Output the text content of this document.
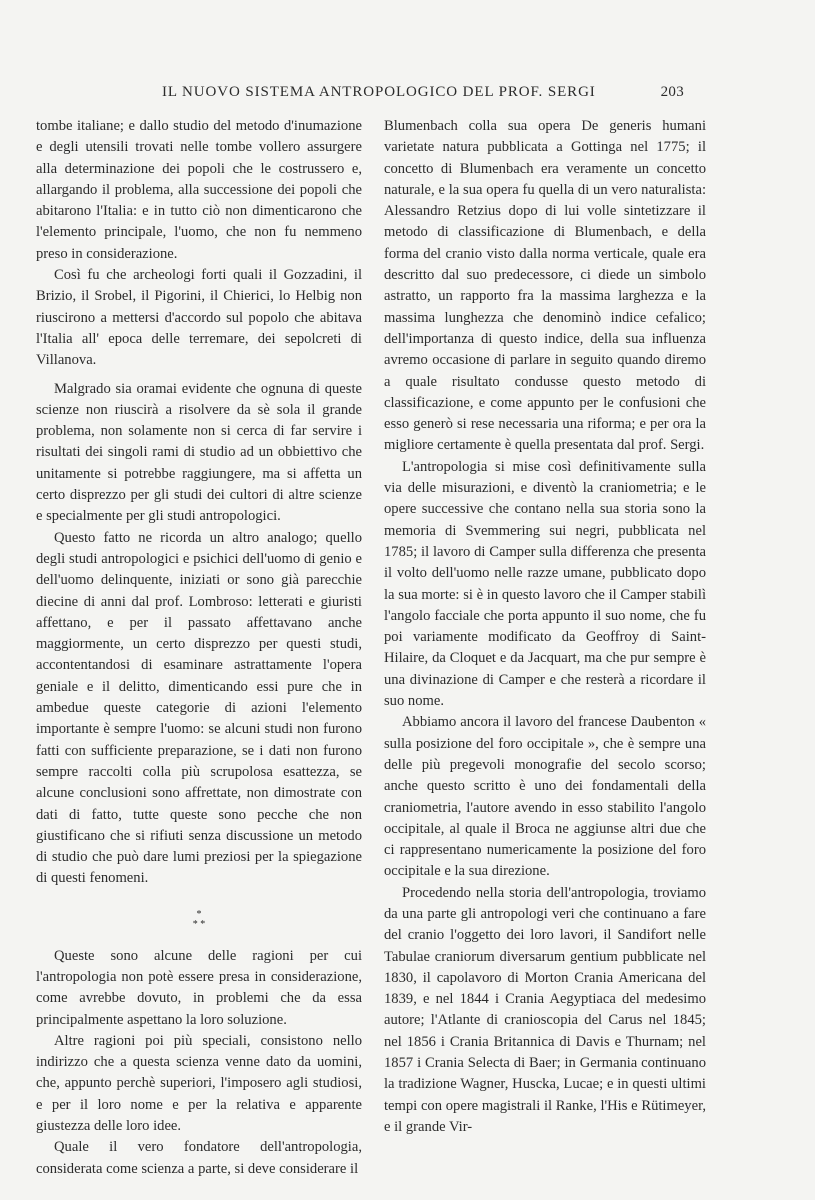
IL NUOVO SISTEMA ANTROPOLOGICO DEL PROF. SERGI	203

tombe italiane; e dallo studio del metodo d'inumazione e degli utensili trovati nelle tombe vollero assurgere alla determinazione dei popoli che le costrussero e, allargando il problema, alla successione dei popoli che abitarono l'Italia: e in tutto ciò non dimenticarono che l'elemento principale, l'uomo, che non fu nemmeno preso in considerazione.

Così fu che archeologi forti quali il Gozzadini, il Brizio, il Srobel, il Pigorini, il Chierici, lo Helbig non riuscirono a mettersi d'accordo sul popolo che abitava l'Italia all' epoca delle terremare, dei sepolcreti di Villanova.

Malgrado sia oramai evidente che ognuna di queste scienze non riuscirà a risolvere da sè sola il grande problema, non solamente non si cerca di far servire i risultati dei singoli rami di studio ad un obbiettivo che unitamente si potrebbe raggiungere, ma si affetta un certo disprezzo per gli studi dei cultori di altre scienze e specialmente per gli studi antropologici.

Questo fatto ne ricorda un altro analogo; quello degli studi antropologici e psichici dell'uomo di genio e dell'uomo delinquente, iniziati or sono già parecchie diecine di anni dal prof. Lombroso: letterati e giuristi affettano, e per il passato affettavano anche maggiormente, un certo disprezzo per questi studi, accontentandosi di esaminare astrattamente l'opera geniale e il delitto, dimenticando essi pure che in ambedue queste categorie di azioni l'elemento importante è sempre l'uomo: se alcuni studi non furono fatti con sufficiente preparazione, se i dati non furono sempre raccolti colla più scrupolosa esattezza, se alcune conclusioni sono affrettate, non dimostrate con dati di fatto, tutte queste sono pecche che non giustificano che si rifiuti senza discussione un metodo di studio che può dare lumi preziosi per la spiegazione di questi fenomeni.

*
* *

Queste sono alcune delle ragioni per cui l'antropologia non potè essere presa in considerazione, come avrebbe dovuto, in problemi che da essa principalmente aspettano la loro soluzione.

Altre ragioni poi più speciali, consistono nello indirizzo che a questa scienza venne dato da uomini, che, appunto perchè superiori, l'imposero agli studiosi, e per il loro nome e per la relativa e apparente giustezza delle loro idee.

Quale il vero fondatore dell'antropologia, considerata come scienza a parte, si deve considerare il

Blumenbach colla sua opera De generis humani varietate natura pubblicata a Gottinga nel 1775; il concetto di Blumenbach era veramente un concetto naturale, e la sua opera fu quella di un vero naturalista: Alessandro Retzius dopo di lui volle sintetizzare il metodo di classificazione di Blumenbach, e della forma del cranio visto dalla norma verticale, quale era descritto dal suo predecessore, ci diede un simbolo astratto, un rapporto fra la massima larghezza e la massima lunghezza che denominò indice cefalico; dell'importanza di questo indice, della sua influenza avremo occasione di parlare in seguito quando diremo a quale risultato condusse questo metodo di classificazione, e come appunto per le confusioni che esso generò si rese necessaria una riforma; e per ora la migliore certamente è quella presentata dal prof. Sergi.

L'antropologia si mise così definitivamente sulla via delle misurazioni, e diventò la craniometria; e le opere successive che contano nella sua storia sono la memoria di Svemmering sui negri, pubblicata nel 1785; il lavoro di Camper sulla differenza che presenta il volto dell'uomo nelle razze umane, pubblicato dopo la sua morte: si è in questo lavoro che il Camper stabilì l'angolo facciale che porta appunto il suo nome, che fu poi variamente modificato da Geoffroy di Saint-Hilaire, da Cloquet e da Jacquart, ma che pur sempre è una divinazione di Camper e che resterà a ricordare il suo nome.

Abbiamo ancora il lavoro del francese Daubenton « sulla posizione del foro occipitale », che è sempre una delle più pregevoli monografie del secolo scorso; anche questo scritto è uno dei fondamentali della craniometria, l'autore avendo in esso stabilito l'angolo occipitale, al quale il Broca ne aggiunse altri due che ci rappresentano numericamente la posizione del foro occipitale e la sua direzione.

Procedendo nella storia dell'antropologia, troviamo da una parte gli antropologi veri che continuano a fare del cranio l'oggetto dei loro lavori, il Sandifort nelle Tabulae craniorum diversarum gentium pubblicate nel 1830, il capolavoro di Morton Crania Americana del 1839, e nel 1844 i Crania Aegyptiaca del medesimo autore; l'Atlante di cranioscopia del Carus nel 1845; nel 1856 i Crania Britannica di Davis e Thurnam; nel 1857 i Crania Selecta di Baer; in Germania continuano la tradizione Wagner, Huscka, Lucae; e in questi ultimi tempi con opere magistrali il Ranke, l'His e Rütimeyer, e il grande Vir-
